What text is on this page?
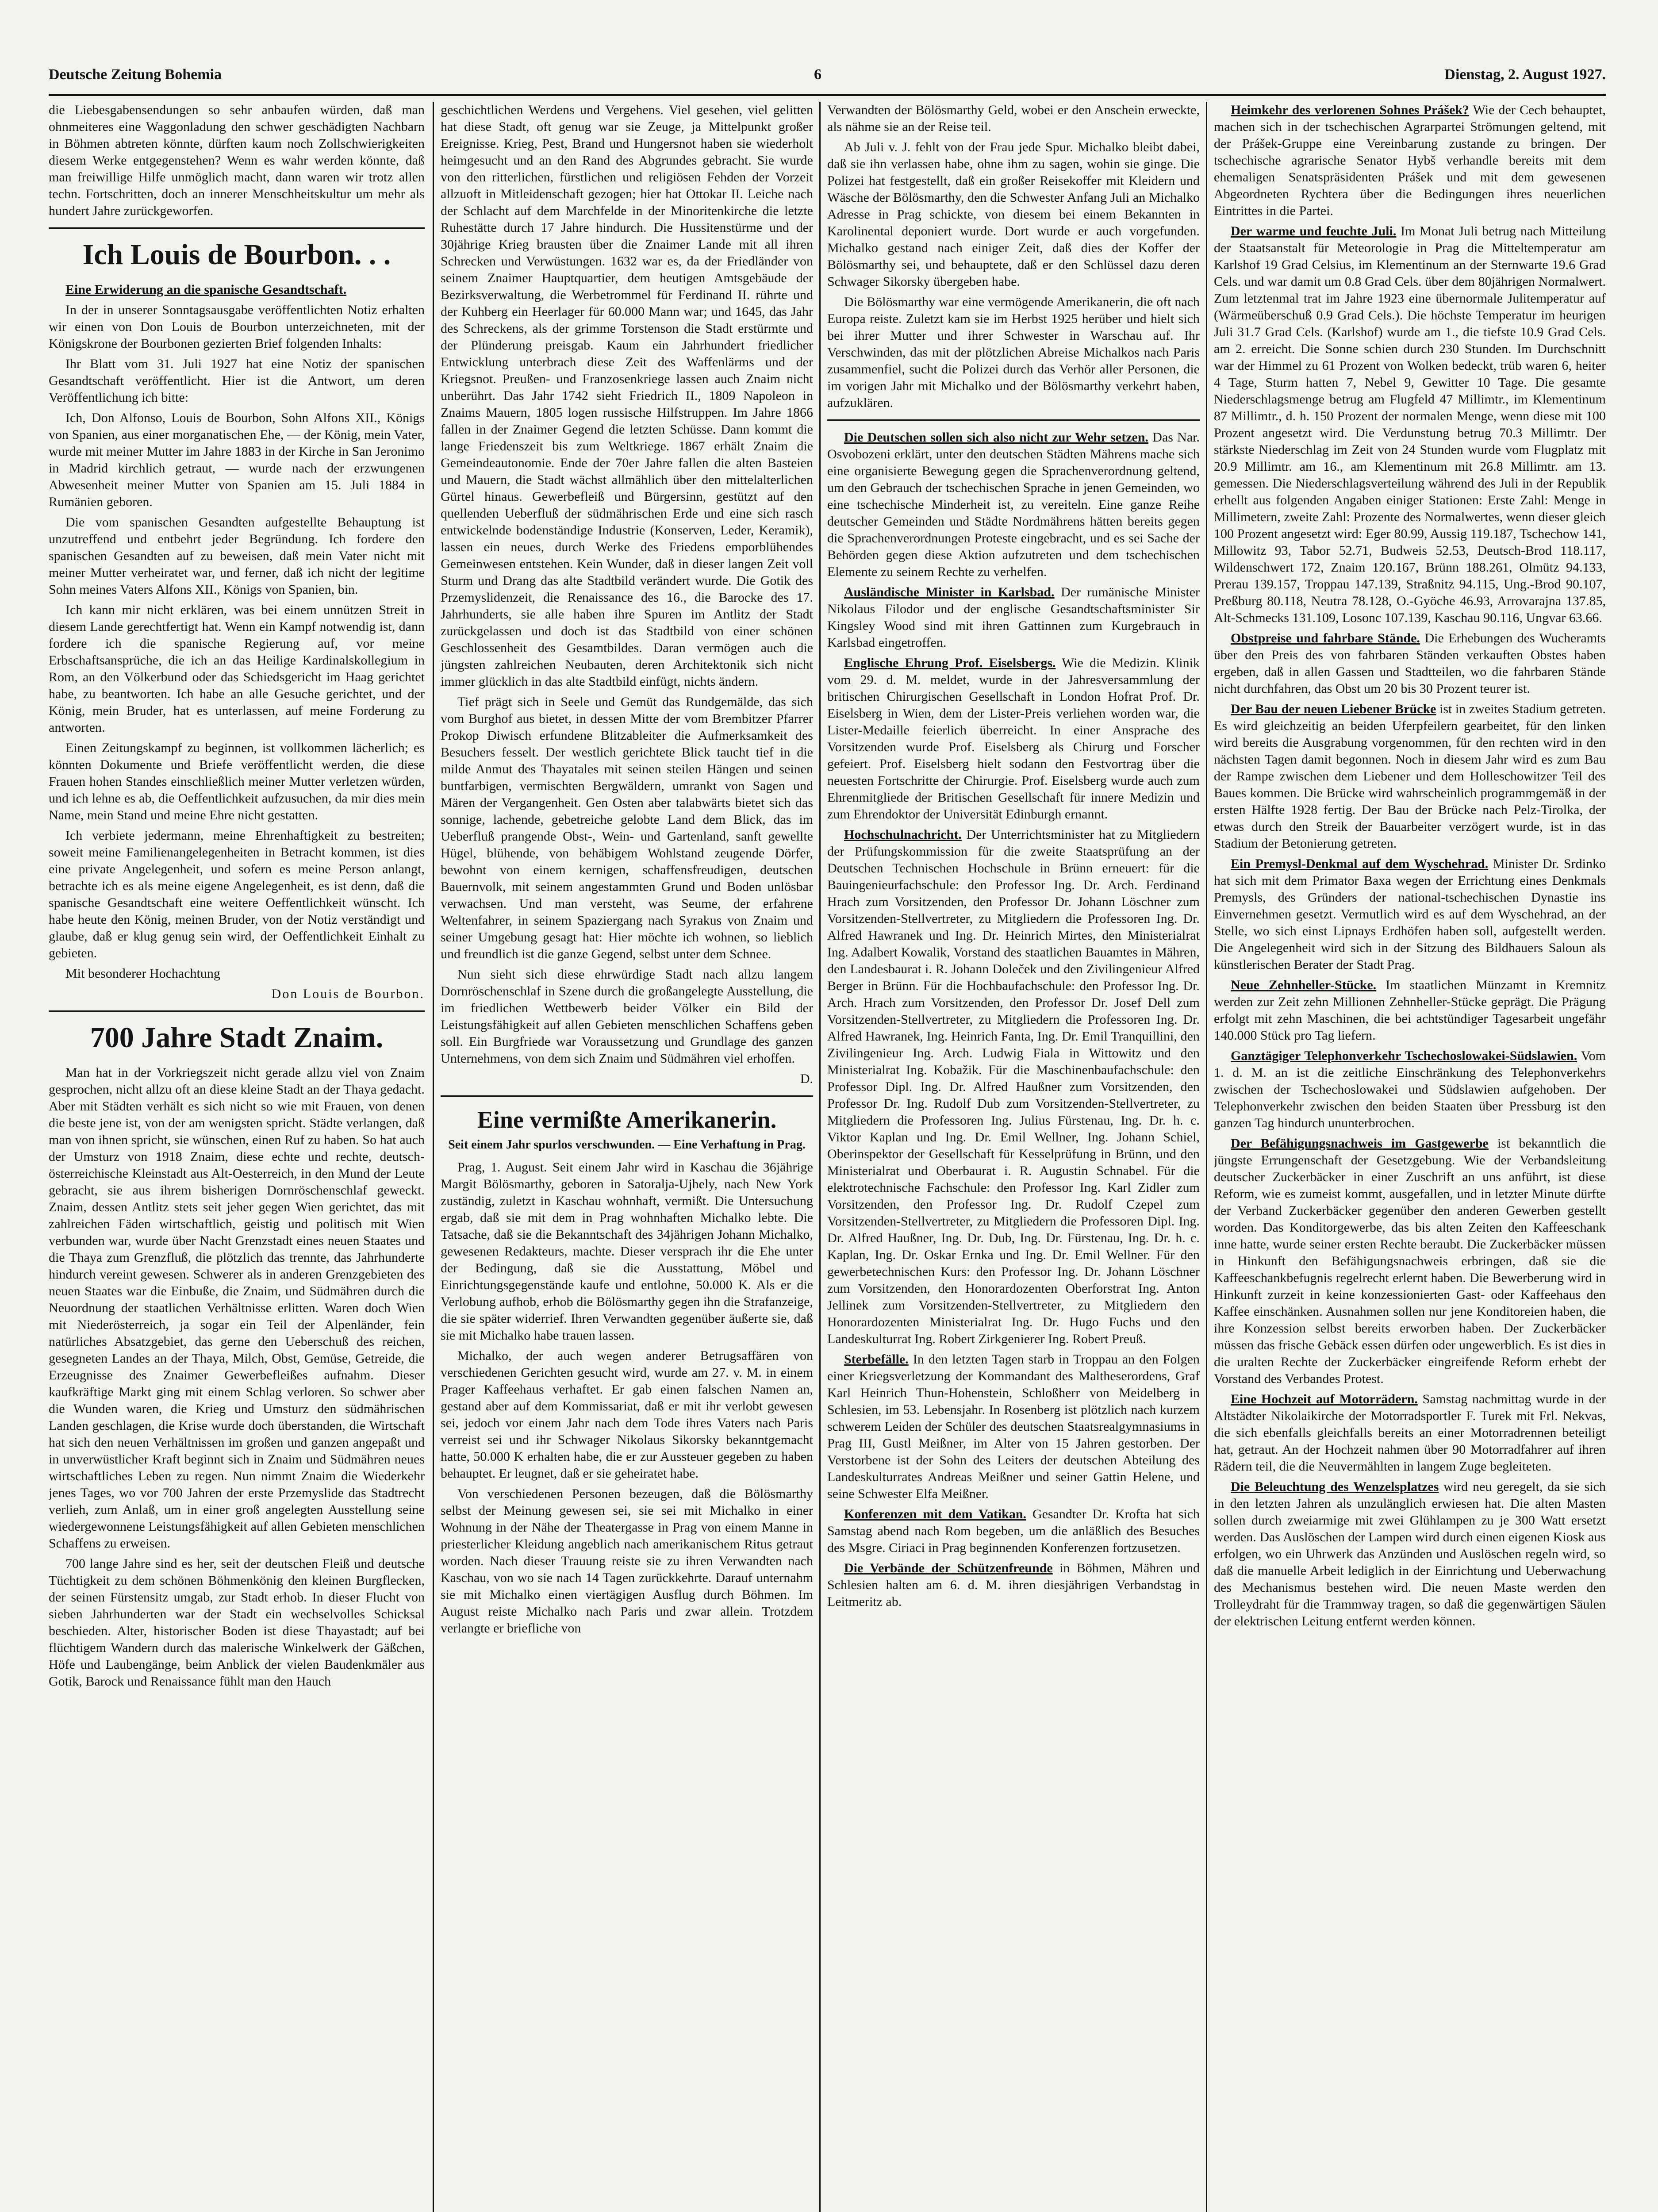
Deutsche Zeitung Bohemia	6	Dienstag, 2. August 1927.

die Liebesgabensendungen so sehr anbaufen würden, daß man ohnmeiteres eine Waggonladung den schwer geschädigten Nachbarn in Böhmen abtreten könnte, dürften kaum noch Zollschwierigkeiten diesem Werke entgegenstehen? Wenn es wahr werden könnte, daß man freiwillige Hilfe unmöglich macht, dann waren wir trotz allen techn. Fortschritten, doch an innerer Menschheitskultur um mehr als hundert Jahre zurückgeworfen.

Ich Louis de Bourbon. . .

Eine Erwiderung an die spanische Gesandtschaft.

In der in unserer Sonntagsausgabe veröffentlichten Notiz erhalten wir einen von Don Louis de Bourbon unterzeichneten, mit der Königskrone der Bourbonen gezierten Brief folgenden Inhalts:

Ihr Blatt vom 31. Juli 1927 hat eine Notiz der spanischen Gesandtschaft veröffentlicht. Hier ist die Antwort, um deren Veröffentlichung ich bitte:

Ich, Don Alfonso, Louis de Bourbon, Sohn Alfons XII., Königs von Spanien, aus einer morganatischen Ehe, — der König, mein Vater, wurde mit meiner Mutter im Jahre 1883 in der Kirche in San Jeronimo in Madrid kirchlich getraut, — wurde nach der erzwungenen Abwesenheit meiner Mutter von Spanien am 15. Juli 1884 in Rumänien geboren.

Die vom spanischen Gesandten aufgestellte Behauptung ist unzutreffend und entbehrt jeder Begründung. Ich fordere den spanischen Gesandten auf zu beweisen, daß mein Vater nicht mit meiner Mutter verheiratet war, und ferner, daß ich nicht der legitime Sohn meines Vaters Alfons XII., Königs von Spanien, bin.

Ich kann mir nicht erklären, was bei einem unnützen Streit in diesem Lande gerechtfertigt hat. Wenn ein Kampf notwendig ist, dann fordere ich die spanische Regierung auf, vor meine Erbschaftsansprüche, die ich an das Heilige Kardinalskollegium in Rom, an den Völkerbund oder das Schiedsgericht im Haag gerichtet habe, zu beantworten. Ich habe an alle Gesuche gerichtet, und der König, mein Bruder, hat es unterlassen, auf meine Forderung zu antworten.

Einen Zeitungskampf zu beginnen, ist vollkommen lächerlich; es könnten Dokumente und Briefe veröffentlicht werden, die diese Frauen hohen Standes einschließlich meiner Mutter verletzen würden, und ich lehne es ab, die Oeffentlichkeit aufzusuchen, da mir dies mein Name, mein Stand und meine Ehre nicht gestatten.

Ich verbiete jedermann, meine Ehrenhaftigkeit zu bestreiten; soweit meine Familienangelegenheiten in Betracht kommen, ist dies eine private Angelegenheit, und sofern es meine Person anlangt, betrachte ich es als meine eigene Angelegenheit, es ist denn, daß die spanische Gesandtschaft eine weitere Oeffentlichkeit wünscht. Ich habe heute den König, meinen Bruder, von der Notiz verständigt und glaube, daß er klug genug sein wird, der Oeffentlichkeit Einhalt zu gebieten.

Mit besonderer Hochachtung

Don Louis de Bourbon.
700 Jahre Stadt Znaim.

Man hat in der Vorkriegszeit nicht gerade allzu viel von Znaim gesprochen, nicht allzu oft an diese kleine Stadt an der Thaya gedacht. Aber mit Städten verhält es sich nicht so wie mit Frauen, von denen die beste jene ist, von der am wenigsten spricht. Städte verlangen, daß man von ihnen spricht, sie wünschen, einen Ruf zu haben. So hat auch der Umsturz von 1918 Znaim, diese echte und rechte, deutsch-österreichische Kleinstadt aus Alt-Oesterreich, in den Mund der Leute gebracht, sie aus ihrem bisherigen Dornröschenschlaf geweckt. Znaim, dessen Antlitz stets seit jeher gegen Wien gerichtet, das mit zahlreichen Fäden wirtschaftlich, geistig und politisch mit Wien verbunden war, wurde über Nacht Grenzstadt eines neuen Staates und die Thaya zum Grenzfluß, die plötzlich das trennte, das Jahrhunderte hindurch vereint gewesen. Schwerer als in anderen Grenzgebieten des neuen Staates war die Einbuße, die Znaim, und Südmähren durch die Neuordnung der staatlichen Verhältnisse erlitten. Waren doch Wien mit Niederösterreich, ja sogar ein Teil der Alpenländer, fein natürliches Absatzgebiet, das gerne den Ueberschuß des reichen, gesegneten Landes an der Thaya, Milch, Obst, Gemüse, Getreide, die Erzeugnisse des Znaimer Gewerbefleißes aufnahm. Dieser kaufkräftige Markt ging mit einem Schlag verloren. So schwer aber die Wunden waren, die Krieg und Umsturz den südmährischen Landen geschlagen, die Krise wurde doch überstanden, die Wirtschaft hat sich den neuen Verhältnissen im großen und ganzen angepaßt und in unverwüstlicher Kraft beginnt sich in Znaim und Südmähren neues wirtschaftliches Leben zu regen. Nun nimmt Znaim die Wiederkehr jenes Tages, wo vor 700 Jahren der erste Przemyslide das Stadtrecht verlieh, zum Anlaß, um in einer groß angelegten Ausstellung seine wiedergewonnene Leistungsfähigkeit auf allen Gebieten menschlichen Schaffens zu erweisen.

700 lange Jahre sind es her, seit der deutschen Fleiß und deutsche Tüchtigkeit zu dem schönen Böhmenkönig den kleinen Burgflecken, der seinen Fürstensitz umgab, zur Stadt erhob. In dieser Flucht von sieben Jahrhunderten war der Stadt ein wechselvolles Schicksal beschieden. Alter, historischer Boden ist diese Thayastadt; auf bei flüchtigem Wandern durch das malerische Winkelwerk der Gäßchen, Höfe und Laubengänge, beim Anblick der vielen Baudenkmäler aus Gotik, Barock und Renaissance fühlt man den Hauch

geschichtlichen Werdens und Vergehens. Viel gesehen, viel gelitten hat diese Stadt, oft genug war sie Zeuge, ja Mittelpunkt großer Ereignisse. Krieg, Pest, Brand und Hungersnot haben sie wiederholt heimgesucht und an den Rand des Abgrundes gebracht. Sie wurde von den ritterlichen, fürstlichen und religiösen Fehden der Vorzeit allzuoft in Mitleidenschaft gezogen; hier hat Ottokar II. Leiche nach der Schlacht auf dem Marchfelde in der Minoritenkirche die letzte Ruhestätte durch 17 Jahre hindurch. Die Hussitenstürme und der 30jährige Krieg brausten über die Znaimer Lande mit all ihren Schrecken und Verwüstungen. 1632 war es, da der Friedländer von seinem Znaimer Hauptquartier, dem heutigen Amtsgebäude der Bezirksverwaltung, die Werbetrommel für Ferdinand II. rührte und der Kuhberg ein Heerlager für 60.000 Mann war; und 1645, das Jahr des Schreckens, als der grimme Torstenson die Stadt erstürmte und der Plünderung preisgab. Kaum ein Jahrhundert friedlicher Entwicklung unterbrach diese Zeit des Waffenlärms und der Kriegsnot. Preußen- und Franzosenkriege lassen auch Znaim nicht unberührt. Das Jahr 1742 sieht Friedrich II., 1809 Napoleon in Znaims Mauern, 1805 logen russische Hilfstruppen. Im Jahre 1866 fallen in der Znaimer Gegend die letzten Schüsse. Dann kommt die lange Friedenszeit bis zum Weltkriege. 1867 erhält Znaim die Gemeindeautonomie. Ende der 70er Jahre fallen die alten Basteien und Mauern, die Stadt wächst allmählich über den mittelalterlichen Gürtel hinaus. Gewerbefleiß und Bürgersinn, gestützt auf den quellenden Ueberfluß der südmährischen Erde und eine sich rasch entwickelnde bodenständige Industrie (Konserven, Leder, Keramik), lassen ein neues, durch Werke des Friedens emporblühendes Gemeinwesen entstehen. Kein Wunder, daß in dieser langen Zeit voll Sturm und Drang das alte Stadtbild verändert wurde. Die Gotik des Przemyslidenzeit, die Renaissance des 16., die Barocke des 17. Jahrhunderts, sie alle haben ihre Spuren im Antlitz der Stadt zurückgelassen und doch ist das Stadtbild von einer schönen Geschlossenheit des Gesamtbildes. Daran vermögen auch die jüngsten zahlreichen Neubauten, deren Architektonik sich nicht immer glücklich in das alte Stadtbild einfügt, nichts ändern.

Tief prägt sich in Seele und Gemüt das Rundgemälde, das sich vom Burghof aus bietet, in dessen Mitte der vom Brembitzer Pfarrer Prokop Diwisch erfundene Blitzableiter die Aufmerksamkeit des Besuchers fesselt. Der westlich gerichtete Blick taucht tief in die milde Anmut des Thayatales mit seinen steilen Hängen und seinen buntfarbigen, vermischten Bergwäldern, umrankt von Sagen und Mären der Vergangenheit. Gen Osten aber talabwärts bietet sich das sonnige, lachende, gebetreiche gelobte Land dem Blick, das im Ueberfluß prangende Obst-, Wein- und Gartenland, sanft gewellte Hügel, blühende, von behäbigem Wohlstand zeugende Dörfer, bewohnt von einem kernigen, schaffensfreudigen, deutschen Bauernvolk, mit seinem angestammten Grund und Boden unlösbar verwachsen. Und man versteht, was Seume, der erfahrene Weltenfahrer, in seinem Spaziergang nach Syrakus von Znaim und seiner Umgebung gesagt hat: Hier möchte ich wohnen, so lieblich und freundlich ist die ganze Gegend, selbst unter dem Schnee.

Nun sieht sich diese ehrwürdige Stadt nach allzu langem Dornröschenschlaf in Szene durch die großangelegte Ausstellung, die im friedlichen Wettbewerb beider Völker ein Bild der Leistungsfähigkeit auf allen Gebieten menschlichen Schaffens geben soll. Ein Burgfriede war Voraussetzung und Grundlage des ganzen Unternehmens, von dem sich Znaim und Südmähren viel erhoffen.

D.
Eine vermißte Amerikanerin.
Seit einem Jahr spurlos verschwunden. — Eine Verhaftung in Prag.

Prag, 1. August. Seit einem Jahr wird in Kaschau die 36jährige Margit Bölösmarthy, geboren in Satoralja-Ujhely, nach New York zuständig, zuletzt in Kaschau wohnhaft, vermißt. Die Untersuchung ergab, daß sie mit dem in Prag wohnhaften Michalko lebte. Die Tatsache, daß sie die Bekanntschaft des 34jährigen Johann Michalko, gewesenen Redakteurs, machte. Dieser versprach ihr die Ehe unter der Bedingung, daß sie die Ausstattung, Möbel und Einrichtungsgegenstände kaufe und entlohne, 50.000 K. Als er die Verlobung aufhob, erhob die Bölösmarthy gegen ihn die Strafanzeige, die sie später widerrief. Ihren Verwandten gegenüber äußerte sie, daß sie mit Michalko habe trauen lassen.

Michalko, der auch wegen anderer Betrugsaffären von verschiedenen Gerichten gesucht wird, wurde am 27. v. M. in einem Prager Kaffeehaus verhaftet. Er gab einen falschen Namen an, gestand aber auf dem Kommissariat, daß er mit ihr verlobt gewesen sei, jedoch vor einem Jahr nach dem Tode ihres Vaters nach Paris verreist sei und ihr Schwager Nikolaus Sikorsky bekanntgemacht hatte, 50.000 K erhalten habe, die er zur Aussteuer gegeben zu haben behauptet. Er leugnet, daß er sie geheiratet habe.

Von verschiedenen Personen bezeugen, daß die Bölösmarthy selbst der Meinung gewesen sei, sie sei mit Michalko in einer Wohnung in der Nähe der Theatergasse in Prag von einem Manne in priesterlicher Kleidung angeblich nach amerikanischem Ritus getraut worden. Nach dieser Trauung reiste sie zu ihren Verwandten nach Kaschau, von wo sie nach 14 Tagen zurückkehrte. Darauf unternahm sie mit Michalko einen viertägigen Ausflug durch Böhmen. Im August reiste Michalko nach Paris und zwar allein. Trotzdem verlangte er briefliche von

Verwandten der Bölösmarthy Geld, wobei er den Anschein erweckte, als nähme sie an der Reise teil.

Ab Juli v. J. fehlt von der Frau jede Spur. Michalko bleibt dabei, daß sie ihn verlassen habe, ohne ihm zu sagen, wohin sie ginge. Die Polizei hat festgestellt, daß ein großer Reisekoffer mit Kleidern und Wäsche der Bölösmarthy, den die Schwester Anfang Juli an Michalko Adresse in Prag schickte, von diesem bei einem Bekannten in Karolinental deponiert wurde. Dort wurde er auch vorgefunden. Michalko gestand nach einiger Zeit, daß dies der Koffer der Bölösmarthy sei, und behauptete, daß er den Schlüssel dazu deren Schwager Sikorsky übergeben habe.

Die Bölösmarthy war eine vermögende Amerikanerin, die oft nach Europa reiste. Zuletzt kam sie im Herbst 1925 herüber und hielt sich bei ihrer Mutter und ihrer Schwester in Warschau auf. Ihr Verschwinden, das mit der plötzlichen Abreise Michalkos nach Paris zusammenfiel, sucht die Polizei durch das Verhör aller Personen, die im vorigen Jahr mit Michalko und der Bölösmarthy verkehrt haben, aufzuklären.

Die Deutschen sollen sich also nicht zur Wehr setzen. Das Nar. Osvobozeni erklärt, unter den deutschen Städten Mährens mache sich eine organisierte Bewegung gegen die Sprachenverordnung geltend, um den Gebrauch der tschechischen Sprache in jenen Gemeinden, wo eine tschechische Minderheit ist, zu vereiteln. Eine ganze Reihe deutscher Gemeinden und Städte Nordmährens hätten bereits gegen die Sprachenverordnungen Proteste eingebracht, und es sei Sache der Behörden gegen diese Aktion aufzutreten und dem tschechischen Elemente zu seinem Rechte zu verhelfen.

Ausländische Minister in Karlsbad. Der rumänische Minister Nikolaus Filodor und der englische Gesandtschaftsminister Sir Kingsley Wood sind mit ihren Gattinnen zum Kurgebrauch in Karlsbad eingetroffen.

Englische Ehrung Prof. Eiselsbergs. Wie die Medizin. Klinik vom 29. d. M. meldet, wurde in der Jahresversammlung der britischen Chirurgischen Gesellschaft in London Hofrat Prof. Dr. Eiselsberg in Wien, dem der Lister-Preis verliehen worden war, die Lister-Medaille feierlich überreicht. In einer Ansprache des Vorsitzenden wurde Prof. Eiselsberg als Chirurg und Forscher gefeiert. Prof. Eiselsberg hielt sodann den Festvortrag über die neuesten Fortschritte der Chirurgie. Prof. Eiselsberg wurde auch zum Ehrenmitgliede der Britischen Gesellschaft für innere Medizin und zum Ehrendoktor der Universität Edinburgh ernannt.

Hochschulnachricht. Der Unterrichtsminister hat zu Mitgliedern der Prüfungskommission für die zweite Staatsprüfung an der Deutschen Technischen Hochschule in Brünn erneuert: für die Bauingenieurfachschule: den Professor Ing. Dr. Arch. Ferdinand Hrach zum Vorsitzenden, den Professor Dr. Johann Löschner zum Vorsitzenden-Stellvertreter, zu Mitgliedern die Professoren Ing. Dr. Alfred Hawranek und Ing. Dr. Heinrich Mirtes, den Ministerialrat Ing. Adalbert Kowalik, Vorstand des staatlichen Bauamtes in Mähren, den Landesbaurat i. R. Johann Doleček und den Zivilingenieur Alfred Berger in Brünn. Für die Hochbaufachschule: den Professor Ing. Dr. Arch. Hrach zum Vorsitzenden, den Professor Dr. Josef Dell zum Vorsitzenden-Stellvertreter, zu Mitgliedern die Professoren Ing. Dr. Alfred Hawranek, Ing. Heinrich Fanta, Ing. Dr. Emil Tranquillini, den Zivilingenieur Ing. Arch. Ludwig Fiala in Wittowitz und den Ministerialrat Ing. Kobažik. Für die Maschinenbaufachschule: den Professor Dipl. Ing. Dr. Alfred Haußner zum Vorsitzenden, den Professor Dr. Ing. Rudolf Dub zum Vorsitzenden-Stellvertreter, zu Mitgliedern die Professoren Ing. Julius Fürstenau, Ing. Dr. h. c. Viktor Kaplan und Ing. Dr. Emil Wellner, Ing. Johann Schiel, Oberinspektor der Gesellschaft für Kesselprüfung in Brünn, und den Ministerialrat und Oberbaurat i. R. Augustin Schnabel. Für die elektrotechnische Fachschule: den Professor Ing. Karl Zidler zum Vorsitzenden, den Professor Ing. Dr. Rudolf Czepel zum Vorsitzenden-Stellvertreter, zu Mitgliedern die Professoren Dipl. Ing. Dr. Alfred Haußner, Ing. Dr. Dub, Ing. Dr. Fürstenau, Ing. Dr. h. c. Kaplan, Ing. Dr. Oskar Ernka und Ing. Dr. Emil Wellner. Für den gewerbetechnischen Kurs: den Professor Ing. Dr. Johann Löschner zum Vorsitzenden, den Honorardozenten Oberforstrat Ing. Anton Jellinek zum Vorsitzenden-Stellvertreter, zu Mitgliedern den Honorardozenten Ministerialrat Ing. Dr. Hugo Fuchs und den Landeskulturrat Ing. Robert Zirkgenierer Ing. Robert Preuß.

Sterbefälle. In den letzten Tagen starb in Troppau an den Folgen einer Kriegsverletzung der Kommandant des Maltheserordens, Graf Karl Heinrich Thun-Hohenstein, Schloßherr von Meidelberg in Schlesien, im 53. Lebensjahr. In Rosenberg ist plötzlich nach kurzem schwerem Leiden der Schüler des deutschen Staatsrealgymnasiums in Prag III, Gustl Meißner, im Alter von 15 Jahren gestorben. Der Verstorbene ist der Sohn des Leiters der deutschen Abteilung des Landeskulturrates Andreas Meißner und seiner Gattin Helene, und seine Schwester Elfa Meißner.

Konferenzen mit dem Vatikan. Gesandter Dr. Krofta hat sich Samstag abend nach Rom begeben, um die anläßlich des Besuches des Msgre. Ciriaci in Prag beginnenden Konferenzen fortzusetzen.

Die Verbände der Schützenfreunde in Böhmen, Mähren und Schlesien halten am 6. d. M. ihren diesjährigen Verbandstag in Leitmeritz ab.

Heimkehr des verlorenen Sohnes Prášek? Wie der Cech behauptet, machen sich in der tschechischen Agrarpartei Strömungen geltend, mit der Prášek-Gruppe eine Vereinbarung zustande zu bringen. Der tschechische agrarische Senator Hybš verhandle bereits mit dem ehemaligen Senatspräsidenten Prášek und mit dem gewesenen Abgeordneten Rychtera über die Bedingungen ihres neuerlichen Eintrittes in die Partei.

Der warme und feuchte Juli. Im Monat Juli betrug nach Mitteilung der Staatsanstalt für Meteorologie in Prag die Mitteltemperatur am Karlshof 19 Grad Celsius, im Klementinum an der Sternwarte 19.6 Grad Cels. und war damit um 0.8 Grad Cels. über dem 80jährigen Normalwert. Zum letztenmal trat im Jahre 1923 eine übernormale Julitemperatur auf (Wärmeüberschuß 0.9 Grad Cels.). Die höchste Temperatur im heurigen Juli 31.7 Grad Cels. (Karlshof) wurde am 1., die tiefste 10.9 Grad Cels. am 2. erreicht. Die Sonne schien durch 230 Stunden. Im Durchschnitt war der Himmel zu 61 Prozent von Wolken bedeckt, trüb waren 6, heiter 4 Tage, Sturm hatten 7, Nebel 9, Gewitter 10 Tage. Die gesamte Niederschlagsmenge betrug am Flugfeld 47 Millimtr., im Klementinum 87 Millimtr., d. h. 150 Prozent der normalen Menge, wenn diese mit 100 Prozent angesetzt wird. Die Verdunstung betrug 70.3 Millimtr. Der stärkste Niederschlag im Zeit von 24 Stunden wurde vom Flugplatz mit 20.9 Millimtr. am 16., am Klementinum mit 26.8 Millimtr. am 13. gemessen. Die Niederschlagsverteilung während des Juli in der Republik erhellt aus folgenden Angaben einiger Stationen: Erste Zahl: Menge in Millimetern, zweite Zahl: Prozente des Normalwertes, wenn dieser gleich 100 Prozent angesetzt wird: Eger 80.99, Aussig 119.187, Tschechow 141, Millowitz 93, Tabor 52.71, Budweis 52.53, Deutsch-Brod 118.117, Wildenschwert 172, Znaim 120.167, Brünn 188.261, Olmütz 94.133, Prerau 139.157, Troppau 147.139, Straßnitz 94.115, Ung.-Brod 90.107, Preßburg 80.118, Neutra 78.128, O.-Gyöche 46.93, Arrovarajna 137.85, Alt-Schmecks 131.109, Losonc 107.139, Kaschau 90.116, Ungvar 63.66.

Obstpreise und fahrbare Stände. Die Erhebungen des Wucheramts über den Preis des von fahrbaren Ständen verkauften Obstes haben ergeben, daß in allen Gassen und Stadtteilen, wo die fahrbaren Stände nicht durchfahren, das Obst um 20 bis 30 Prozent teurer ist.

Der Bau der neuen Liebener Brücke ist in zweites Stadium getreten. Es wird gleichzeitig an beiden Uferpfeilern gearbeitet, für den linken wird bereits die Ausgrabung vorgenommen, für den rechten wird in den nächsten Tagen damit begonnen. Noch in diesem Jahr wird es zum Bau der Rampe zwischen dem Liebener und dem Holleschowitzer Teil des Baues kommen. Die Brücke wird wahrscheinlich programmgemäß in der ersten Hälfte 1928 fertig. Der Bau der Brücke nach Pelz-Tirolka, der etwas durch den Streik der Bauarbeiter verzögert wurde, ist in das Stadium der Betonierung getreten.

Ein Premysl-Denkmal auf dem Wyschehrad. Minister Dr. Srdinko hat sich mit dem Primator Baxa wegen der Errichtung eines Denkmals Premysls, des Gründers der national-tschechischen Dynastie ins Einvernehmen gesetzt. Vermutlich wird es auf dem Wyschehrad, an der Stelle, wo sich einst Lipnays Erdhöfen haben soll, aufgestellt werden. Die Angelegenheit wird sich in der Sitzung des Bildhauers Saloun als künstlerischen Berater der Stadt Prag.

Neue Zehnheller-Stücke. Im staatlichen Münzamt in Kremnitz werden zur Zeit zehn Millionen Zehnheller-Stücke geprägt. Die Prägung erfolgt mit zehn Maschinen, die bei achtstündiger Tagesarbeit ungefähr 140.000 Stück pro Tag liefern.

Ganztägiger Telephonverkehr Tschechoslowakei-Südslawien. Vom 1. d. M. an ist die zeitliche Einschränkung des Telephonverkehrs zwischen der Tschechoslowakei und Südslawien aufgehoben. Der Telephonverkehr zwischen den beiden Staaten über Pressburg ist den ganzen Tag hindurch ununterbrochen.

Der Befähigungsnachweis im Gastgewerbe ist bekanntlich die jüngste Errungenschaft der Gesetzgebung. Wie der Verbandsleitung deutscher Zuckerbäcker in einer Zuschrift an uns anführt, ist diese Reform, wie es zumeist kommt, ausgefallen, und in letzter Minute dürfte der Verband Zuckerbäcker gegenüber den anderen Gewerben gestellt worden. Das Konditorgewerbe, das bis alten Zeiten den Kaffeeschank inne hatte, wurde seiner ersten Rechte beraubt. Die Zuckerbäcker müssen in Hinkunft den Befähigungsnachweis erbringen, daß sie die Kaffeeschankbefugnis regelrecht erlernt haben. Die Bewerberung wird in Hinkunft zurzeit in keine konzessionierten Gast- oder Kaffeehaus den Kaffee einschänken. Ausnahmen sollen nur jene Konditoreien haben, die ihre Konzession selbst bereits erworben haben. Der Zuckerbäcker müssen das frische Gebäck essen dürfen oder ungewerblich. Es ist dies in die uralten Rechte der Zuckerbäcker eingreifende Reform erhebt der Vorstand des Verbandes Protest.

Eine Hochzeit auf Motorrädern. Samstag nachmittag wurde in der Altstädter Nikolaikirche der Motorradsportler F. Turek mit Frl. Nekvas, die sich ebenfalls gleichfalls bereits an einer Motorradrennen beteiligt hat, getraut. An der Hochzeit nahmen über 90 Motorradfahrer auf ihren Rädern teil, die die Neuvermählten in langem Zuge begleiteten.

Die Beleuchtung des Wenzelsplatzes wird neu geregelt, da sie sich in den letzten Jahren als unzulänglich erwiesen hat. Die alten Masten sollen durch zweiarmige mit zwei Glühlampen zu je 300 Watt ersetzt werden. Das Auslöschen der Lampen wird durch einen eigenen Kiosk aus erfolgen, wo ein Uhrwerk das Anzünden und Auslöschen regeln wird, so daß die manuelle Arbeit lediglich in der Einrichtung und Ueberwachung des Mechanismus bestehen wird. Die neuen Maste werden den Trolleydraht für die Trammway tragen, so daß die gegenwärtigen Säulen der elektrischen Leitung entfernt werden können.
